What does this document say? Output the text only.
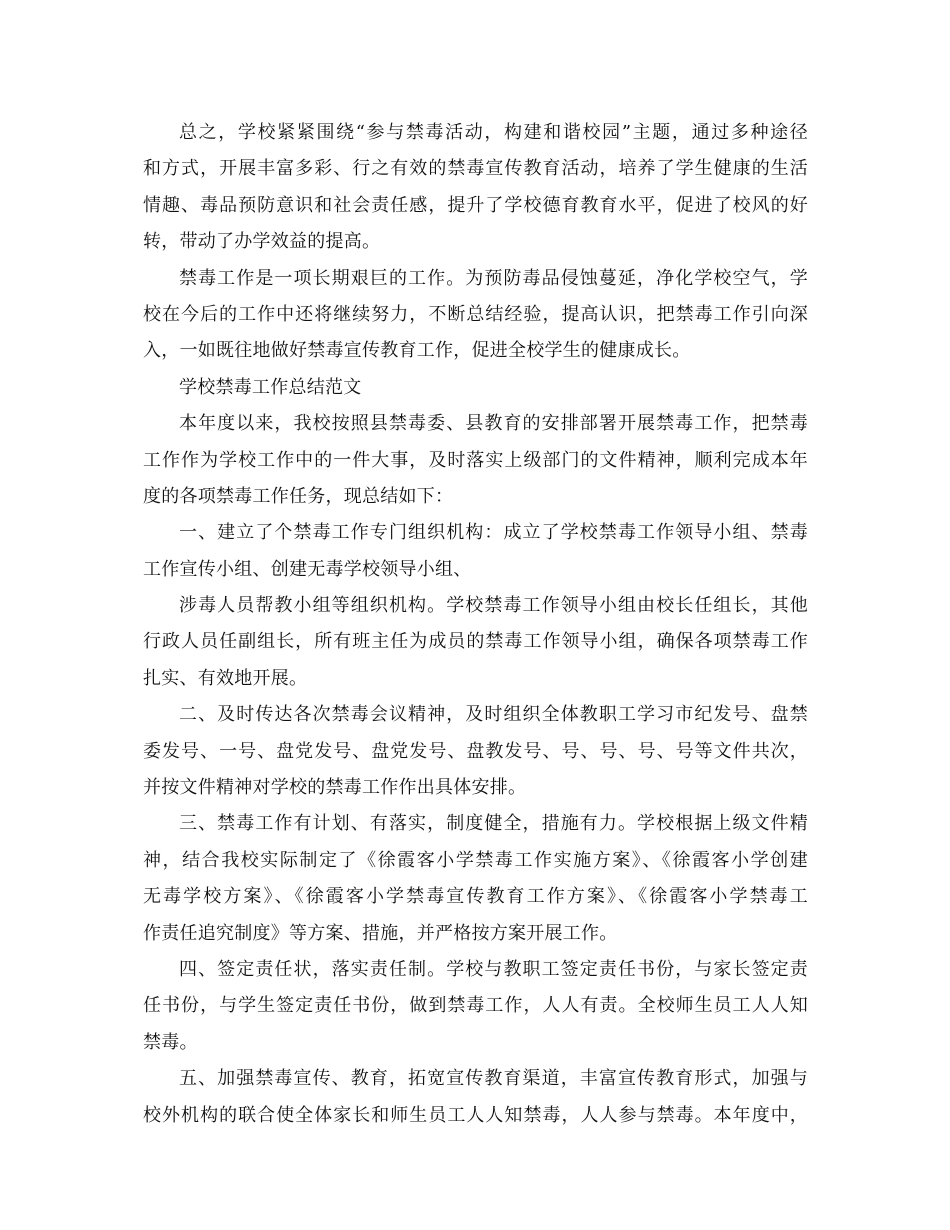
总之，学校紧紧围绕“参与禁毒活动，构建和谐校园”主题，通过多种途径
和方式，开展丰富多彩、行之有效的禁毒宣传教育活动，培养了学生健康的生活
情趣、毒品预防意识和社会责任感，提升了学校德育教育水平，促进了校风的好
转，带动了办学效益的提高。
禁毒工作是一项长期艰巨的工作。为预防毒品侵蚀蔓延，净化学校空气，学
校在今后的工作中还将继续努力，不断总结经验，提高认识，把禁毒工作引向深
入，一如既往地做好禁毒宣传教育工作，促进全校学生的健康成长。
学校禁毒工作总结范文
本年度以来，我校按照县禁毒委、县教育的安排部署开展禁毒工作，把禁毒
工作作为学校工作中的一件大事，及时落实上级部门的文件精神，顺利完成本年
度的各项禁毒工作任务，现总结如下：
一、建立了个禁毒工作专门组织机构：成立了学校禁毒工作领导小组、禁毒
工作宣传小组、创建无毒学校领导小组、
涉毒人员帮教小组等组织机构。学校禁毒工作领导小组由校长任组长，其他
行政人员任副组长，所有班主任为成员的禁毒工作领导小组，确保各项禁毒工作
扎实、有效地开展。
二、及时传达各次禁毒会议精神，及时组织全体教职工学习市纪发号、盘禁
委发号、一号、盘党发号、盘党发号、盘教发号、号、号、号、号等文件共次，
并按文件精神对学校的禁毒工作作出具体安排。
三、禁毒工作有计划、有落实，制度健全，措施有力。学校根据上级文件精
神，结合我校实际制定了《徐霞客小学禁毒工作实施方案》、《徐霞客小学创建
无毒学校方案》、《徐霞客小学禁毒宣传教育工作方案》、《徐霞客小学禁毒工
作责任追究制度》等方案、措施，并严格按方案开展工作。
四、签定责任状，落实责任制。学校与教职工签定责任书份，与家长签定责
任书份，与学生签定责任书份，做到禁毒工作，人人有责。全校师生员工人人知
禁毒。
五、加强禁毒宣传、教育，拓宽宣传教育渠道，丰富宣传教育形式，加强与
校外机构的联合使全体家长和师生员工人人知禁毒，人人参与禁毒。本年度中，
